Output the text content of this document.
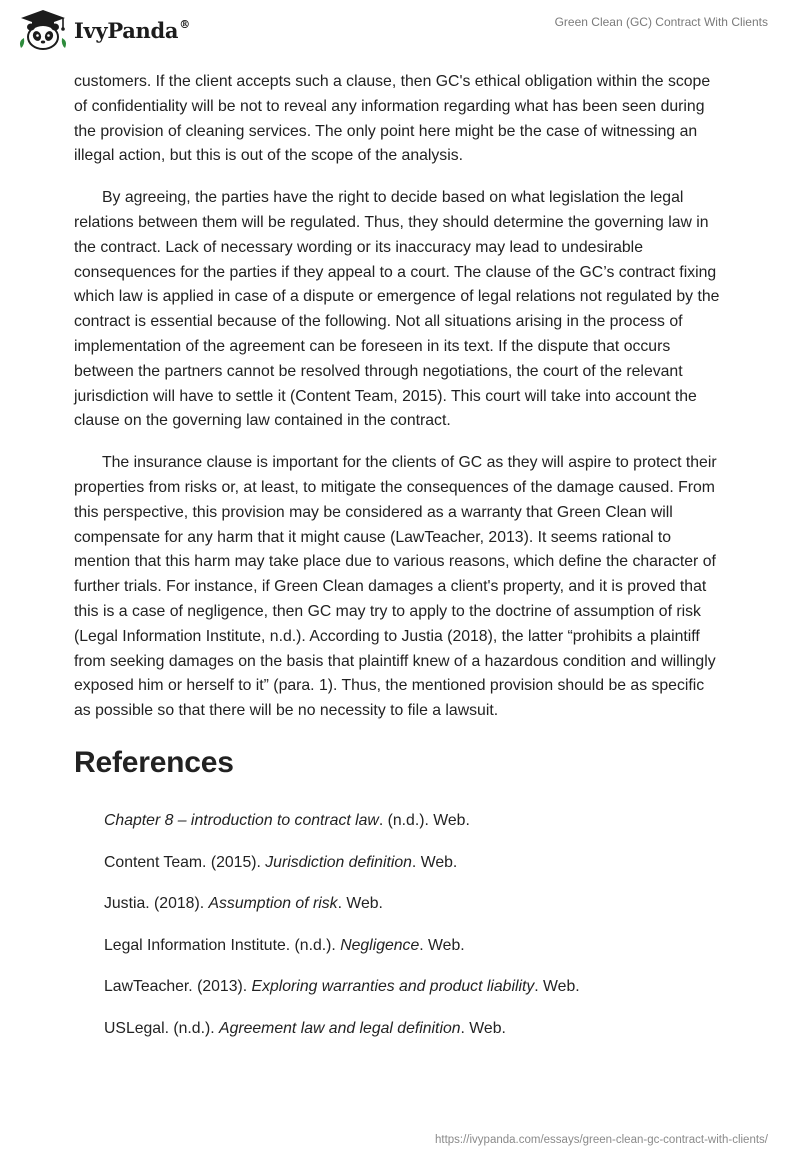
IvyPanda®	Green Clean (GC) Contract With Clients

customers. If the client accepts such a clause, then GC's ethical obligation within the scope of confidentiality will be not to reveal any information regarding what has been seen during the provision of cleaning services. The only point here might be the case of witnessing an illegal action, but this is out of the scope of the analysis.

By agreeing, the parties have the right to decide based on what legislation the legal relations between them will be regulated. Thus, they should determine the governing law in the contract. Lack of necessary wording or its inaccuracy may lead to undesirable consequences for the parties if they appeal to a court. The clause of the GC’s contract fixing which law is applied in case of a dispute or emergence of legal relations not regulated by the contract is essential because of the following. Not all situations arising in the process of implementation of the agreement can be foreseen in its text. If the dispute that occurs between the partners cannot be resolved through negotiations, the court of the relevant jurisdiction will have to settle it (Content Team, 2015). This court will take into account the clause on the governing law contained in the contract.

The insurance clause is important for the clients of GC as they will aspire to protect their properties from risks or, at least, to mitigate the consequences of the damage caused. From this perspective, this provision may be considered as a warranty that Green Clean will compensate for any harm that it might cause (LawTeacher, 2013). It seems rational to mention that this harm may take place due to various reasons, which define the character of further trials. For instance, if Green Clean damages a client's property, and it is proved that this is a case of negligence, then GC may try to apply to the doctrine of assumption of risk (Legal Information Institute, n.d.). According to Justia (2018), the latter “prohibits a plaintiff from seeking damages on the basis that plaintiff knew of a hazardous condition and willingly exposed him or herself to it” (para. 1). Thus, the mentioned provision should be as specific as possible so that there will be no necessity to file a lawsuit.

References
Chapter 8 – introduction to contract law. (n.d.). Web.
Content Team. (2015). Jurisdiction definition. Web.
Justia. (2018). Assumption of risk. Web.
Legal Information Institute. (n.d.). Negligence. Web.
LawTeacher. (2013). Exploring warranties and product liability. Web.
USLegal. (n.d.). Agreement law and legal definition. Web.
https://ivypanda.com/essays/green-clean-gc-contract-with-clients/
